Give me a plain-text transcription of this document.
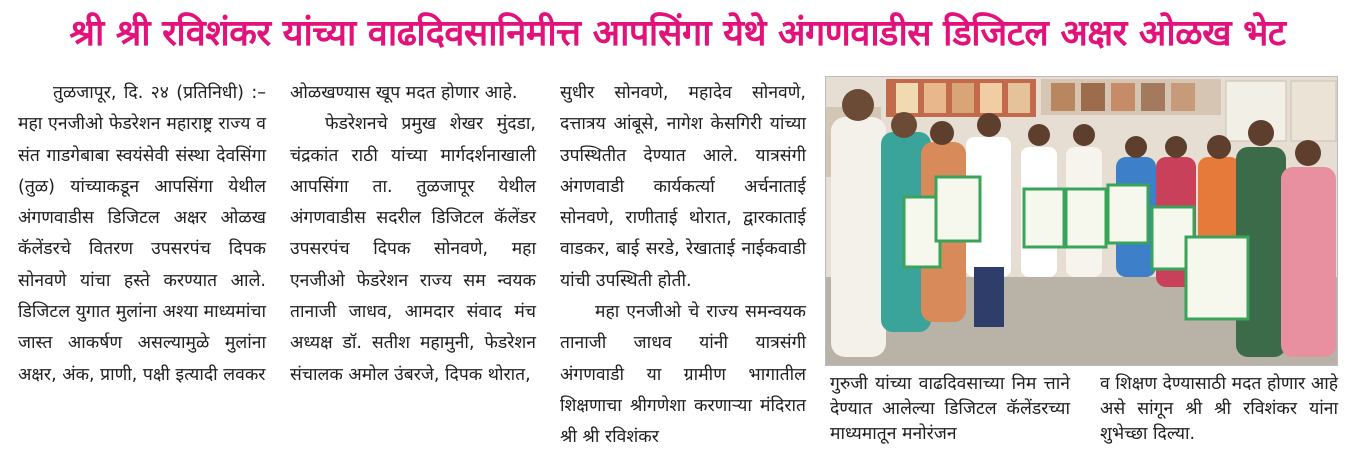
श्री श्री रविशंकर यांच्या वाढदिवसानिमीत्त आपसिंगा येथे अंगणवाडीस डिजिटल अक्षर ओळख भेट

तुळजापूर, दि. २४ (प्रतिनिधी) :– महा एनजीओ फेडरेशन महाराष्ट्र राज्य व संत गाडगेबाबा स्वयंसेवी संस्था देवसिंगा (तुळ) यांच्याकडून आपसिंगा येथील अंगणवाडीस डिजिटल अक्षर ओळख कॅलेंडरचे वितरण उपसरपंच दिपक सोनवणे यांचा हस्ते करण्यात आले. डिजिटल युगात मुलांना अश्या माध्यमांचा जास्त आकर्षण असल्यामुळे मुलांना अक्षर, अंक, प्राणी, पक्षी इत्यादी लवकर

ओळखण्यास खूप मदत होणार आहे.

फेडरेशनचे प्रमुख शेखर मुंदडा, चंद्रकांत राठी यांच्या मार्गदर्शनाखाली आपसिंगा ता. तुळजापूर येथील अंगणवाडीस सदरील डिजिटल कॅलेंडर उपसरपंच दिपक सोनवणे, महा एनजीओ फेडरेशन राज्य सम न्वयक तानाजी जाधव, आमदार संवाद मंच अध्यक्ष डॉ. सतीश महामुनी, फेडरेशन संचालक अमोल उंबरजे, दिपक थोरात,

सुधीर सोनवणे, महादेव सोनवणे, दत्तात्रय आंबूसे, नागेश केसगिरी यांच्या उपस्थितीत देण्यात आले. यात्रसंगी अंगणवाडी कार्यकर्त्या अर्चनाताई सोनवणे, राणीताई थोरात, द्वारकाताई वाडकर, बाई सरडे, रेखाताई नाईकवाडी यांची उपस्थिती होती.

महा एनजीओ चे राज्य समन्वयक तानाजी जाधव यांनी यात्रसंगी अंगणवाडी या ग्रामीण भागातील शिक्षणाचा श्रीगणेशा करणाऱ्या मंदिरात श्री श्री रविशंकर

गुरुजी यांच्या वाढदिवसाच्या निम त्ताने देण्यात आलेल्या डिजिटल कॅलेंडरच्या माध्यमातून मनोरंजन

व शिक्षण देण्यासाठी मदत होणार आहे असे सांगून श्री श्री रविशंकर यांना शुभेच्छा दिल्या.
